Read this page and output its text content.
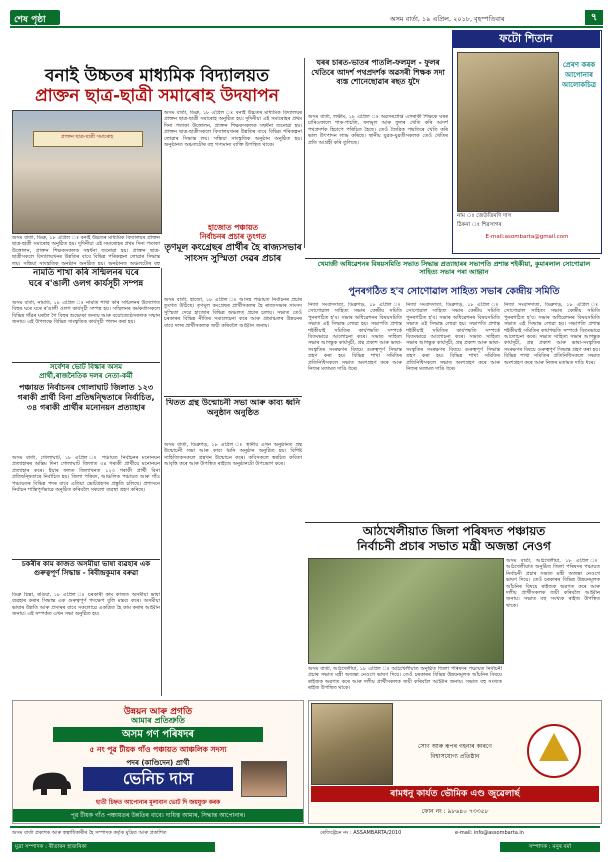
শেষ পৃষ্ঠা	অসম বাৰ্তা, ১৯ এপ্ৰিল, ২০১৮, বৃহস্পতিবাৰ	৭
বনাই উচ্চতৰ মাধ্যমিক বিদ্যালয়ত
প্ৰাক্তন ছাত্ৰ-ছাত্ৰী সমাৰোহ উদযাপন
প্ৰাক্তন ছাত্ৰ-ছাত্ৰী সমাৰোহ
অসম বাৰ্তা, ডিব্ৰু, ১৮ এপ্ৰিল ঃ বনাই উচ্চতৰ মাধ্যমিক বিদ্যালয়ৰ প্ৰাক্তন ছাত্ৰ-ছাত্ৰী সমাৰোহ অনুষ্ঠিত হয়। দুদিনীয়া এই সমাৰোহৰ প্ৰথম দিনা পতাকা উত্তোলন, প্ৰাক্তন শিক্ষকসকলক সম্বৰ্ধনা জনোৱা হয়। প্ৰাক্তন ছাত্ৰ-ছাত্ৰীসকলে বিদ্যালয়খনৰ উন্নতিৰ বাবে বিভিন্ন পৰিকল্পনা লোৱাৰ সিদ্ধান্ত লয়। সন্ধিয়া সাংস্কৃতিক অনুষ্ঠান অনুষ্ঠিত হয়। অনুষ্ঠানত অঞ্চলটোৰ বহু
অসম বাৰ্তা, ডিব্ৰু, ১৮ এপ্ৰিল ঃ বনাই উচ্চতৰ মাধ্যমিক বিদ্যালয়ৰ প্ৰাক্তন ছাত্ৰ-ছাত্ৰী সমাৰোহ অনুষ্ঠিত হয়। দুদিনীয়া এই সমাৰোহৰ প্ৰথম দিনা পতাকা উত্তোলন, প্ৰাক্তন শিক্ষকসকলক সম্বৰ্ধনা জনোৱা হয়। প্ৰাক্তন ছাত্ৰ-ছাত্ৰীসকলে বিদ্যালয়খনৰ উন্নতিৰ বাবে বিভিন্ন পৰিকল্পনা লোৱাৰ সিদ্ধান্ত লয়। সন্ধিয়া সাংস্কৃতিক অনুষ্ঠান অনুষ্ঠিত হয়। অনুষ্ঠানত অঞ্চলটোৰ বহু গণ্যমান্য ব্যক্তি উপস্থিত থাকে।
নামতি শাখা কৰি সন্মিলনৰ ঘৰে
ঘৰে ৰ'ঙালী ওলগ কাৰ্যসূচী সম্পন্ন
অসম বাৰ্তা, নামতি, ১৮ এপ্ৰিল ঃ নামতি শাখা কৰি সন্মিলনৰ উদ্যোগত বিহুৰ ঘৰে ঘৰে ৰ'ঙালী ওলগ কাৰ্যসূচী সম্পন্ন হয়। সন্মিলনৰ কৰ্মকৰ্তাসকলে বিভিন্ন গাঁৱৰ ঘৰলৈ গৈ বিহুৰ শুভেচ্ছা জনায় আৰু বয়োজ্যেষ্ঠসকলক সন্মান জনায়। এই উপলক্ষে বিভিন্ন সাংস্কৃতিক কাৰ্যসূচী পালন কৰা হয়।
সৰ্বেশৰ ভোট বিস্কাৰ অসম
প্ৰাৰ্থী,ৰাজনৈতিক দলৰ নেতা-কৰ্মী
পঞ্চায়ত নিৰ্বাচনৰ গোলাঘাট জিলাত ১২৩ গৰাকী প্ৰাৰ্থী বিনা প্ৰতিদ্বন্দ্বিতাৰে নিৰ্বাচিত, ৩৪ গৰাকী প্ৰাৰ্থীৰ মনোনয়ন প্ৰত্যাহাৰ
অসম বাৰ্তা, গোলাঘাট, ১৮ এপ্ৰিল ঃ পঞ্চায়ত নিৰ্বাচনৰ মনোনয়ন প্ৰত্যাহাৰৰ অন্তিম দিনা গোলাঘাট জিলাত ৩৪ গৰাকী প্ৰাৰ্থীয়ে মনোনয়ন প্ৰত্যাহাৰ কৰে। ইয়াৰ ফলত জিলাখনত ১২৩ গৰাকী প্ৰাৰ্থী বিনা প্ৰতিদ্বন্দ্বিতাৰে নিৰ্বাচিত হয়। জিলা পৰিষদ, আঞ্চলিক পঞ্চায়ত আৰু গাঁও পঞ্চায়তৰ বিভিন্ন পদৰ বাবে এতিয়া ভোটগ্ৰহণৰ প্ৰস্তুতি চলিছে। প্ৰশাসনে নিৰ্বাচন শান্তিপূৰ্ণভাৱে অনুষ্ঠিত কৰিবলৈ সকলো ব্যৱস্থা গ্ৰহণ কৰিছে।
চকৰীৰ কাম কাজত অসমীয়া ভাষা ব্যৱহাৰ এক গুৰুত্বপূৰ্ণ সিদ্ধান্ত - ৰিবীন্দ্ৰকুমাৰ বৰুৱা
ডিব্ৰু চিন্তা, ৰঙিয়া, ১৮ এপ্ৰিল ঃ চৰকাৰী কাম কাজত অসমীয়া ভাষা ব্যৱহাৰ কৰাৰ সিদ্ধান্ত এক গুৰুত্বপূৰ্ণ পদক্ষেপ বুলি মন্তব্য কৰে। অসমীয়া ভাষাৰ উন্নতি আৰু প্ৰসাৰৰ বাবে সকলোৱে একত্ৰিত হৈ কাম কৰাৰ আহ্বান জনায়। এই সম্পৰ্কত এখন সভা অনুষ্ঠিত হয়।
হাজোত পঞ্চায়ত
নিৰ্বাচনৰ প্ৰচাৰ তুংগত
তৃণমূল কংগ্ৰেছৰ প্ৰাৰ্থীৰ হৈ ৰাজ্যসভাৰ সাংসদ সুস্মিতা দেৱৰ প্ৰচাৰ
অসম বাৰ্তা, হাজো, ১৮ এপ্ৰিল ঃ আসন্ন পঞ্চায়ত নিৰ্বাচনৰ প্ৰচাৰ তুংগত উঠিছে। তৃণমূল কংগ্ৰেছৰ প্ৰাৰ্থীসকলৰ হৈ ৰাজ্যসভাৰ সাংসদ সুস্মিতা দেৱে হাজোৰ বিভিন্ন অঞ্চলত প্ৰচাৰ চলায়। সভাত তেওঁ চৰকাৰৰ বিভিন্ন নীতিৰ সমালোচনা কৰে আৰু গ্ৰামাঞ্চলৰ উন্নয়নৰ বাবে দলৰ প্ৰাৰ্থীসকলক জয়ী কৰিবলৈ আহ্বান জনায়।
খিতত গ্ৰন্থ উন্মোচনী সভা আৰু কাব্য ধ্বনি অনুষ্ঠান অনুষ্ঠিত
অসম বাৰ্তা, ডিব্ৰুগড়, ১৮ এপ্ৰিল ঃ স্থানীয় এখন অনুষ্ঠানত গ্ৰন্থ উন্মোচনী সভা আৰু কাব্য ধ্বনি অনুষ্ঠান অনুষ্ঠিত হয়। বিশিষ্ট সাহিত্যিকসকলে গ্ৰন্থখন উন্মোচন কৰে। কবিসকলে স্বৰচিত কবিতা আবৃত্তি কৰে আৰু উপস্থিত ৰাইজে অনুষ্ঠানটো উপভোগ কৰে।
ঘৰৰ চাৰত-ভাতৰ পাতলি-ফলমূল - ফুলৰ খেতিৰে আদৰ্শ পথপ্ৰদৰ্শক অৱসৰী শিক্ষক সদা ব্যস্ত শোনেছোৱাৰ ৰছত যুদৈ
অসম বাৰ্তা, লক্ষীম, ১৮ এপ্ৰিল ঃ অৱসৰপ্ৰাপ্ত এগৰাকী শিক্ষকে ঘৰৰ চাৰিওফালে শাক-পাচলি, ফলমূল আৰু ফুলৰ খেতি কৰি আদৰ্শ পথপ্ৰদৰ্শক হিচাপে পৰিচিত হৈছে। তেওঁ জৈৱিক পদ্ধতিৰে খেতি কৰি ভাল উৎপাদন লাভ কৰিছে। স্থানীয় যুৱক-যুৱতীসকলক তেওঁ খেতিৰ প্ৰতি আগ্ৰহী কৰি তুলিছে।
ফটো শিতান
প্ৰেৰণ কৰক আপোনাৰ আলোকচিত্ৰ
নাম ঃ জেউতিমণি দাস
ঠিকনা ঃ শিৱসাগৰ
E-mail:asombarta@gmail.com
খেমাজী অধিৱেশনৰ বিষয়সমিতি সভাত সিদ্ধান্ত প্ৰত্যাহাৰৰ সভাপতি প্ৰশান্ত শইকীয়া, কুমাৰলাল সোণোৱাল সাহিত্য সভাৰ পৰা আহ্বান
পুনৰগঠিত হ'ব সোণোৱাল সাহিত্য সভাৰ কেন্দ্ৰীয় সমিতি
নিজা সংবাদদাতা, ডিব্ৰুগড়, ১৮ এপ্ৰিল ঃ সোণোৱাল সাহিত্য সভাৰ কেন্দ্ৰীয় সমিতি পুনৰগঠিত হ'ব। সভাৰ অধিৱেশনৰ বিষয়সমিতি সভাত এই সিদ্ধান্ত লোৱা হয়। সভাপতি প্ৰশান্ত শইকীয়াই সমিতিৰ কাৰ্যপদ্ধতি সম্পৰ্কে বিতংভাৱে আলোচনা কৰে। সভাত সাহিত্য সভাৰ আগন্তুক কাৰ্যসূচী, গ্ৰন্থ প্ৰকাশ আৰু ভাষা-সংস্কৃতিৰ সংৰক্ষণৰ বিষয়ে গুৰুত্বপূৰ্ণ সিদ্ধান্ত গ্ৰহণ কৰা হয়। বিভিন্ন শাখা সমিতিৰ প্ৰতিনিধিসকলে সভাত অংশগ্ৰহণ কৰে আৰু নিজৰ মতামত দাঙি ধৰে।
নিজা সংবাদদাতা, ডিব্ৰুগড়, ১৮ এপ্ৰিল ঃ সোণোৱাল সাহিত্য সভাৰ কেন্দ্ৰীয় সমিতি পুনৰগঠিত হ'ব। সভাৰ অধিৱেশনৰ বিষয়সমিতি সভাত এই সিদ্ধান্ত লোৱা হয়। সভাপতি প্ৰশান্ত শইকীয়াই সমিতিৰ কাৰ্যপদ্ধতি সম্পৰ্কে বিতংভাৱে আলোচনা কৰে। সভাত সাহিত্য সভাৰ আগন্তুক কাৰ্যসূচী, গ্ৰন্থ প্ৰকাশ আৰু ভাষা-সংস্কৃতিৰ সংৰক্ষণৰ বিষয়ে গুৰুত্বপূৰ্ণ সিদ্ধান্ত গ্ৰহণ কৰা হয়। বিভিন্ন শাখা সমিতিৰ প্ৰতিনিধিসকলে সভাত অংশগ্ৰহণ কৰে আৰু নিজৰ মতামত দাঙি ধৰে।
নিজা সংবাদদাতা, ডিব্ৰুগড়, ১৮ এপ্ৰিল ঃ সোণোৱাল সাহিত্য সভাৰ কেন্দ্ৰীয় সমিতি পুনৰগঠিত হ'ব। সভাৰ অধিৱেশনৰ বিষয়সমিতি সভাত এই সিদ্ধান্ত লোৱা হয়। সভাপতি প্ৰশান্ত শইকীয়াই সমিতিৰ কাৰ্যপদ্ধতি সম্পৰ্কে বিতংভাৱে আলোচনা কৰে। সভাত সাহিত্য সভাৰ আগন্তুক কাৰ্যসূচী, গ্ৰন্থ প্ৰকাশ আৰু ভাষা-সংস্কৃতিৰ সংৰক্ষণৰ বিষয়ে গুৰুত্বপূৰ্ণ সিদ্ধান্ত গ্ৰহণ কৰা হয়। বিভিন্ন শাখা সমিতিৰ প্ৰতিনিধিসকলে সভাত অংশগ্ৰহণ কৰে আৰু নিজৰ মতামত দাঙি ধৰে।
আঠখেলীয়াত জিলা পৰিষদত পঞ্চায়ত
নিৰ্বাচনী প্ৰচাৰ সভাত মন্ত্ৰী অজন্তা নেওগ
অসম বাৰ্তা, আঠখেলীয়া, ১৮ এপ্ৰিল ঃ আঠখেলীয়াত অনুষ্ঠিত জিলা পৰিষদৰ পঞ্চায়ত নিৰ্বাচনী প্ৰচাৰ সভাত মন্ত্ৰী অজন্তা নেওগে ভাষণ দিয়ে। তেওঁ চৰকাৰৰ বিভিন্ন উন্নয়নমূলক আঁচনিৰ বিষয়ে ৰাইজক অৱগত কৰে আৰু দলীয় প্ৰাৰ্থীসকলক জয়ী কৰিবলৈ আহ্বান জনায়। সভাত বহু সংখ্যক ৰাইজ উপস্থিত থাকে।
অসম বাৰ্তা, আঠখেলীয়া, ১৮ এপ্ৰিল ঃ আঠখেলীয়াত অনুষ্ঠিত জিলা পৰিষদৰ পঞ্চায়ত নিৰ্বাচনী প্ৰচাৰ সভাত মন্ত্ৰী অজন্তা নেওগে ভাষণ দিয়ে। তেওঁ চৰকাৰৰ বিভিন্ন উন্নয়নমূলক আঁচনিৰ বিষয়ে ৰাইজক অৱগত কৰে আৰু দলীয় প্ৰাৰ্থীসকলক জয়ী কৰিবলৈ আহ্বান জনায়। সভাত বহু সংখ্যক ৰাইজ উপস্থিত থাকে।
উন্নয়ন আৰু প্ৰগতি
আমাৰ প্ৰতিশ্ৰুতি
অসম গণ পৰিষদৰ
৫ নং পূৱ টীয়ক গাঁও পঞ্চায়ত আঞ্চলিক সদস্য
পদৰ (কাণ্ডিদেন) প্ৰাৰ্থী
ভেনিচ দাস
হাতী চিহ্নত আপোনাৰ মূল্যবান ভোট দি জয়যুক্ত কৰক
পূৱ টীয়ক গাঁও পঞ্চায়তৰ উন্নতিৰ বাবে। দায়িত্ব আমাৰ, সিদ্ধান্ত আপোনাৰ।
সোণ আৰু ৰূপৰ গহনাৰ কাৰণে
বিশ্বাসযোগ্য প্ৰতিষ্ঠান
ৰামধনু কাৰ্যত ভৌমিক এণ্ড জুৱেলাৰ্ছ
ফোন নং : ৯৮৬৪০ ৭৩৩৫৮
অসম বাৰ্তা প্ৰকাশক আৰু স্বত্বাধিকাৰীৰ হৈ সম্পাদক কৰ্তৃক মুদ্ৰিত আৰু প্ৰকাশিত	ৰেজিষ্ট্ৰেচন নং : ASSAMBARTA/2010	e-mail: info@assombarta.in
মুদ্ৰা সম্পাদক : ৰীতাৰন হাজৰিকা	সম্পাদক : মনুৰ বৰ্মা
